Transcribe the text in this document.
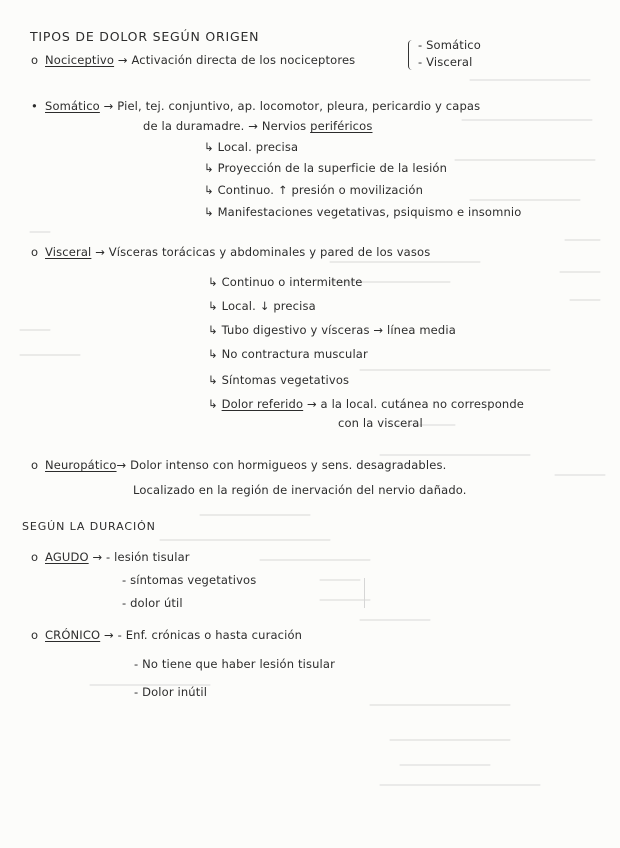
TIPOS DE DOLOR SEGÚN ORIGEN
o Nociceptivo → Activación directa de los nociceptores
- Somático
- Visceral
• Somático → Piel, tej. conjuntivo, ap. locomotor, pleura, pericardio y capas
de la duramadre. → Nervios periféricos
↳ Local. precisa
↳ Proyección de la superficie de la lesión
↳ Continuo. ↑ presión o movilización
↳ Manifestaciones vegetativas, psiquismo e insomnio
o Visceral → Vísceras torácicas y abdominales y pared de los vasos
↳ Continuo o intermitente
↳ Local. ↓ precisa
↳ Tubo digestivo y vísceras → línea media
↳ No contractura muscular
↳ Síntomas vegetativos
↳ Dolor referido → a la local. cutánea no corresponde
con la visceral
o Neuropático→ Dolor intenso con hormigueos y sens. desagradables.
Localizado en la región de inervación del nervio dañado.
SEGÚN LA DURACIÓN
o AGUDO → - lesión tisular
- síntomas vegetativos
- dolor útil
o CRÓNICO → - Enf. crónicas o hasta curación
- No tiene que haber lesión tisular
- Dolor inútil
